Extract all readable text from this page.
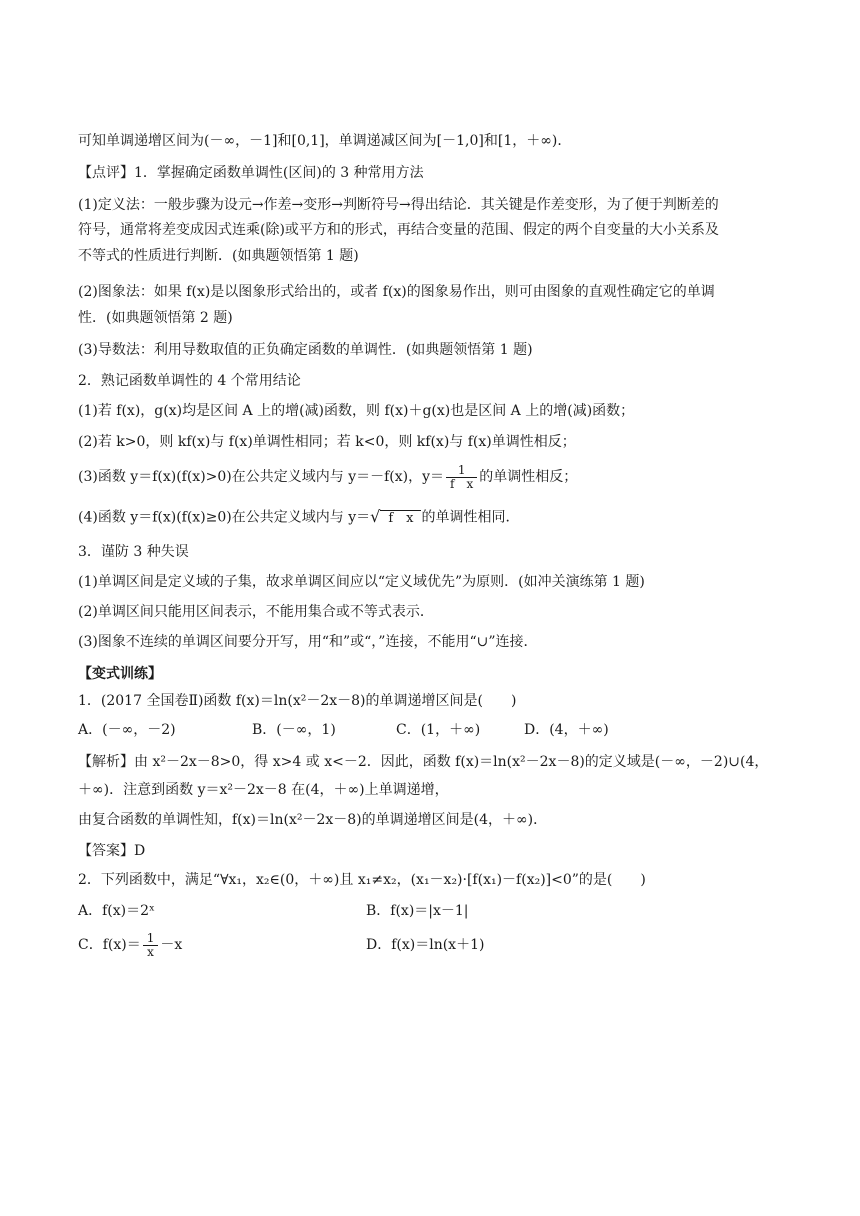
可知单调递增区间为(－∞，－1]和[0,1]，单调递减区间为[－1,0]和[1，＋∞)．
【点评】1．掌握确定函数单调性(区间)的 3 种常用方法
(1)定义法：一般步骤为设元→作差→变形→判断符号→得出结论．其关键是作差变形，为了便于判断差的
符号，通常将差变成因式连乘(除)或平方和的形式，再结合变量的范围、假定的两个自变量的大小关系及
不等式的性质进行判断．(如典题领悟第 1 题)
(2)图象法：如果 f(x)是以图象形式给出的，或者 f(x)的图象易作出，则可由图象的直观性确定它的单调
性．(如典题领悟第 2 题)
(3)导数法：利用导数取值的正负确定函数的单调性．(如典题领悟第 1 题)
2．熟记函数单调性的 4 个常用结论
(1)若 f(x)，g(x)均是区间 A 上的增(减)函数，则 f(x)＋g(x)也是区间 A 上的增(减)函数；
(2)若 k>0，则 kf(x)与 f(x)单调性相同；若 k<0，则 kf(x)与 f(x)单调性相反；
(3)函数 y＝f(x)(f(x)>0)在公共定义域内与 y＝－f(x)，$y= \frac{1}{\text{f　x}}$ 的单调性相反；
(4)函数 y＝f(x)(f(x)≥0)在公共定义域内与 y＝√ f　x 的单调性相同．
3．谨防 3 种失误
(1)单调区间是定义域的子集，故求单调区间应以“定义域优先”为原则．(如冲关演练第 1 题)
(2)单调区间只能用区间表示，不能用集合或不等式表示．
(3)图象不连续的单调区间要分开写，用“和”或“，”连接，不能用“∪”连接．
【变式训练】
1．(2017 全国卷Ⅱ)函数 f(x)＝ln(x²－2x－8)的单调递增区间是(　　)
A．(－∞，－2)	B．(－∞，1)	C．(1，＋∞)	D．(4，＋∞)
【解析】由 x²－2x－8>0，得 x>4 或 x<－2．因此，函数 f(x)＝ln(x²－2x－8)的定义域是(－∞，－2)∪(4，
＋∞)．注意到函数 y＝x²－2x－8 在(4，＋∞)上单调递增，
由复合函数的单调性知，f(x)＝ln(x²－2x－8)的单调递增区间是(4，＋∞)．
【答案】D
2．下列函数中，满足“∀x₁，x₂∈(0，＋∞)且 x₁≠x₂，(x₁－x₂)·[f(x₁)－f(x₂)]<0”的是(　　)
A．f(x)＝2ˣ	B．f(x)＝|x－1|
C．$f(x)= \frac{1}{x} -x$	D．f(x)＝ln(x＋1)
